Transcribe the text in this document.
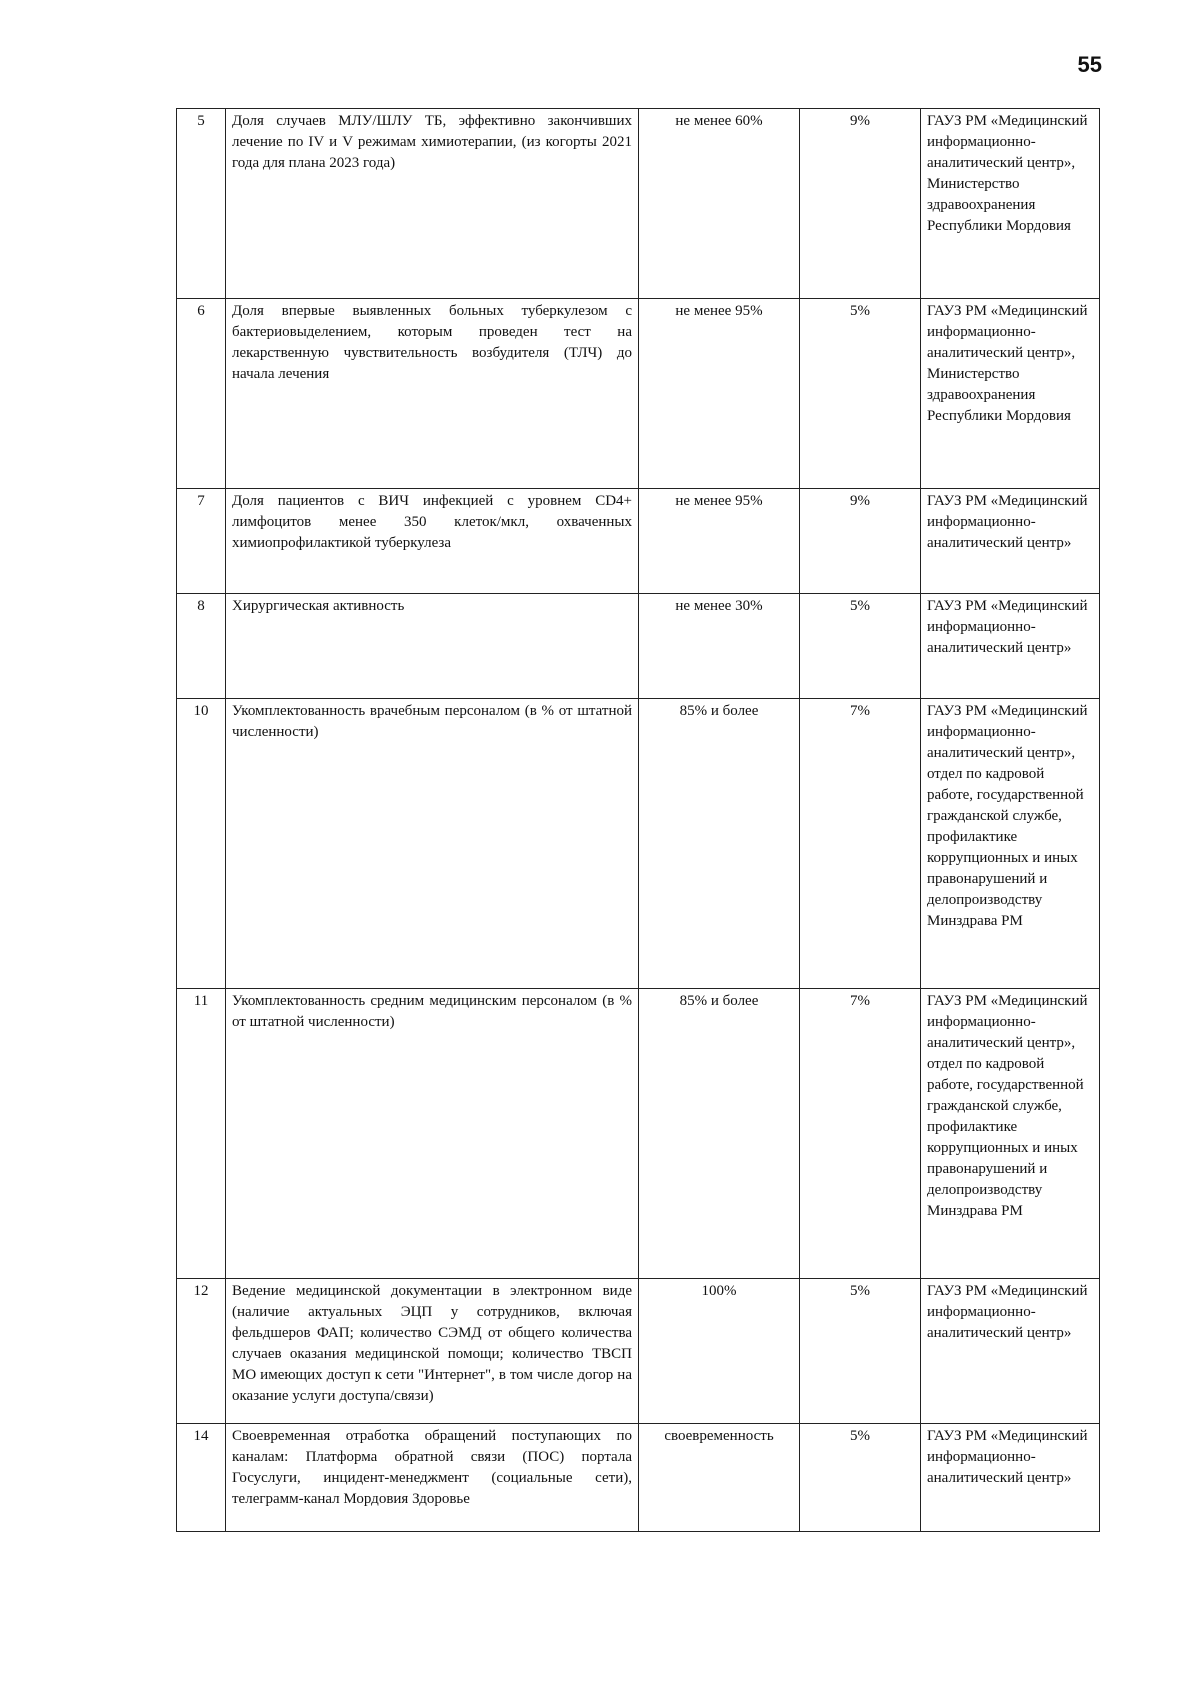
55
5	Доля случаев МЛУ/ШЛУ ТБ, эффективно закончивших лечение по IV и V режимам химиотерапии, (из когорты 2021 года для плана 2023 года)	не менее 60%	9%	ГАУЗ РМ «Медицинский информационно-аналитический центр», Министерство здравоохранения Республики Мордовия
6	Доля впервые выявленных больных туберкулезом с бактериовыделением, которым проведен тест на лекарственную чувствительность возбудителя (ТЛЧ) до начала лечения	не менее 95%	5%	ГАУЗ РМ «Медицинский информационно-аналитический центр», Министерство здравоохранения Республики Мордовия
7	Доля пациентов с ВИЧ инфекцией с уровнем CD4+ лимфоцитов менее 350 клеток/мкл, охваченных химиопрофилактикой туберкулеза	не менее 95%	9%	ГАУЗ РМ «Медицинский информационно-аналитический центр»
8	Хирургическая активность	не менее 30%	5%	ГАУЗ РМ «Медицинский информационно-аналитический центр»
10	Укомплектованность врачебным персоналом (в % от штатной численности)	85% и более	7%	ГАУЗ РМ «Медицинский информационно-аналитический центр», отдел по кадровой работе, государственной гражданской службе, профилактике коррупционных и иных правонарушений и делопроизводству Минздрава РМ
11	Укомплектованность средним медицинским персоналом (в % от штатной численности)	85% и более	7%	ГАУЗ РМ «Медицинский информационно-аналитический центр», отдел по кадровой работе, государственной гражданской службе, профилактике коррупционных и иных правонарушений и делопроизводству Минздрава РМ
12	Ведение медицинской документации в электронном виде (наличие актуальных ЭЦП у сотрудников, включая фельдшеров ФАП; количество СЭМД от общего количества случаев оказания медицинской помощи; количество ТВСП МО имеющих доступ к сети "Интернет", в том числе догор на оказание услуги доступа/связи)	100%	5%	ГАУЗ РМ «Медицинский информационно-аналитический центр»
14	Своевременная отработка обращений поступающих по каналам: Платформа обратной связи (ПОС) портала Госуслуги, инцидент-менеджмент (социальные сети), телеграмм-канал Мордовия Здоровье	своевременность	5%	ГАУЗ РМ «Медицинский информационно-аналитический центр»
